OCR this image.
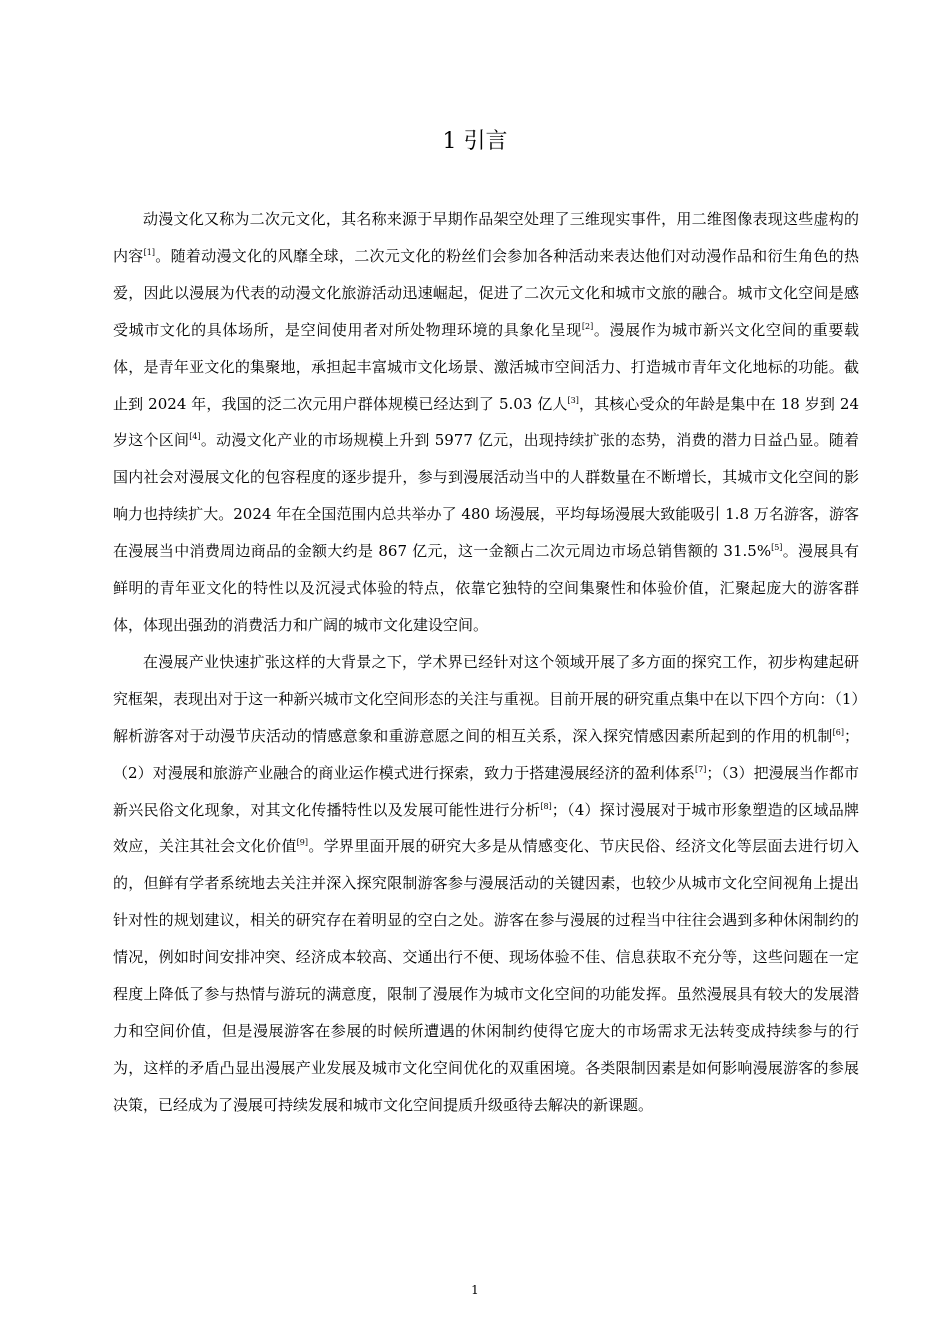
1 引言

动漫文化又称为二次元文化，其名称来源于早期作品架空处理了三维现实事件，用二维图像表现这些虚构的内容[1]。随着动漫文化的风靡全球，二次元文化的粉丝们会参加各种活动来表达他们对动漫作品和衍生角色的热爱，因此以漫展为代表的动漫文化旅游活动迅速崛起，促进了二次元文化和城市文旅的融合。城市文化空间是感受城市文化的具体场所，是空间使用者对所处物理环境的具象化呈现[2]。漫展作为城市新兴文化空间的重要载体，是青年亚文化的集聚地，承担起丰富城市文化场景、激活城市空间活力、打造城市青年文化地标的功能。截止到 2024 年，我国的泛二次元用户群体规模已经达到了 5.03 亿人[3]，其核心受众的年龄是集中在 18 岁到 24 岁这个区间[4]。动漫文化产业的市场规模上升到 5977 亿元，出现持续扩张的态势，消费的潜力日益凸显。随着国内社会对漫展文化的包容程度的逐步提升，参与到漫展活动当中的人群数量在不断增长，其城市文化空间的影响力也持续扩大。2024 年在全国范围内总共举办了 480 场漫展，平均每场漫展大致能吸引 1.8 万名游客，游客在漫展当中消费周边商品的金额大约是 867 亿元，这一金额占二次元周边市场总销售额的 31.5%[5]。漫展具有鲜明的青年亚文化的特性以及沉浸式体验的特点，依靠它独特的空间集聚性和体验价值，汇聚起庞大的游客群体，体现出强劲的消费活力和广阔的城市文化建设空间。

在漫展产业快速扩张这样的大背景之下，学术界已经针对这个领域开展了多方面的探究工作，初步构建起研究框架，表现出对于这一种新兴城市文化空间形态的关注与重视。目前开展的研究重点集中在以下四个方向：（1）解析游客对于动漫节庆活动的情感意象和重游意愿之间的相互关系，深入探究情感因素所起到的作用的机制[6]；（2）对漫展和旅游产业融合的商业运作模式进行探索，致力于搭建漫展经济的盈利体系[7]；（3）把漫展当作都市新兴民俗文化现象，对其文化传播特性以及发展可能性进行分析[8]；（4）探讨漫展对于城市形象塑造的区域品牌效应，关注其社会文化价值[9]。学界里面开展的研究大多是从情感变化、节庆民俗、经济文化等层面去进行切入的，但鲜有学者系统地去关注并深入探究限制游客参与漫展活动的关键因素，也较少从城市文化空间视角上提出针对性的规划建议，相关的研究存在着明显的空白之处。游客在参与漫展的过程当中往往会遇到多种休闲制约的情况，例如时间安排冲突、经济成本较高、交通出行不便、现场体验不佳、信息获取不充分等，这些问题在一定程度上降低了参与热情与游玩的满意度，限制了漫展作为城市文化空间的功能发挥。虽然漫展具有较大的发展潜力和空间价值，但是漫展游客在参展的时候所遭遇的休闲制约使得它庞大的市场需求无法转变成持续参与的行为，这样的矛盾凸显出漫展产业发展及城市文化空间优化的双重困境。各类限制因素是如何影响漫展游客的参展决策，已经成为了漫展可持续发展和城市文化空间提质升级亟待去解决的新课题。

1
